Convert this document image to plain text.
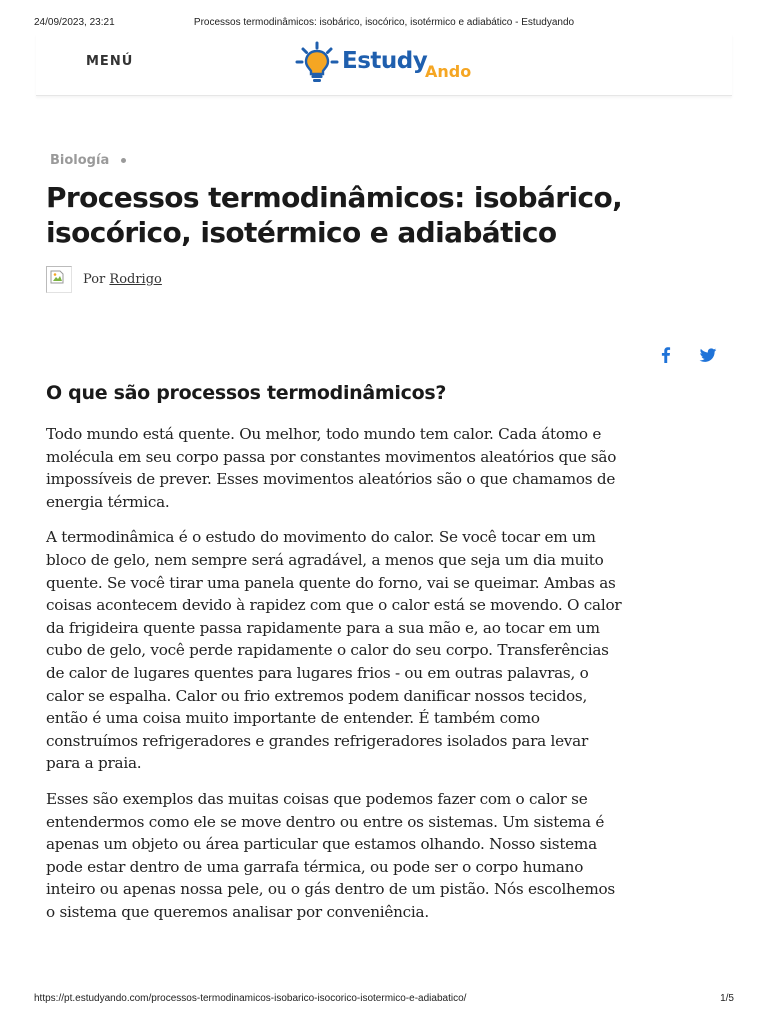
24/09/2023, 23:21	Processos termodinâmicos: isobárico, isocórico, isotérmico e adiabático - Estudyando
MENÚ	Estudy
Ando
Biología
Processos termodinâmicos: isobárico, isocórico, isotérmico e adiabático
Por Rodrigo
O que são processos termodinâmicos?

Todo mundo está quente. Ou melhor, todo mundo tem calor. Cada átomo e molécula em seu corpo passa por constantes movimentos aleatórios que são impossíveis de prever. Esses movimentos aleatórios são o que chamamos de energia térmica.

A termodinâmica é o estudo do movimento do calor. Se você tocar em um bloco de gelo, nem sempre será agradável, a menos que seja um dia muito quente. Se você tirar uma panela quente do forno, vai se queimar. Ambas as coisas acontecem devido à rapidez com que o calor está se movendo. O calor da frigideira quente passa rapidamente para a sua mão e, ao tocar em um cubo de gelo, você perde rapidamente o calor do seu corpo. Transferências de calor de lugares quentes para lugares frios - ou em outras palavras, o calor se espalha. Calor ou frio extremos podem danificar nossos tecidos, então é uma coisa muito importante de entender. É também como construímos refrigeradores e grandes refrigeradores isolados para levar para a praia.

Esses são exemplos das muitas coisas que podemos fazer com o calor se entendermos como ele se move dentro ou entre os sistemas. Um sistema é apenas um objeto ou área particular que estamos olhando. Nosso sistema pode estar dentro de uma garrafa térmica, ou pode ser o corpo humano inteiro ou apenas nossa pele, ou o gás dentro de um pistão. Nós escolhemos o sistema que queremos analisar por conveniência.

https://pt.estudyando.com/processos-termodinamicos-isobarico-isocorico-isotermico-e-adiabatico/	1/5
